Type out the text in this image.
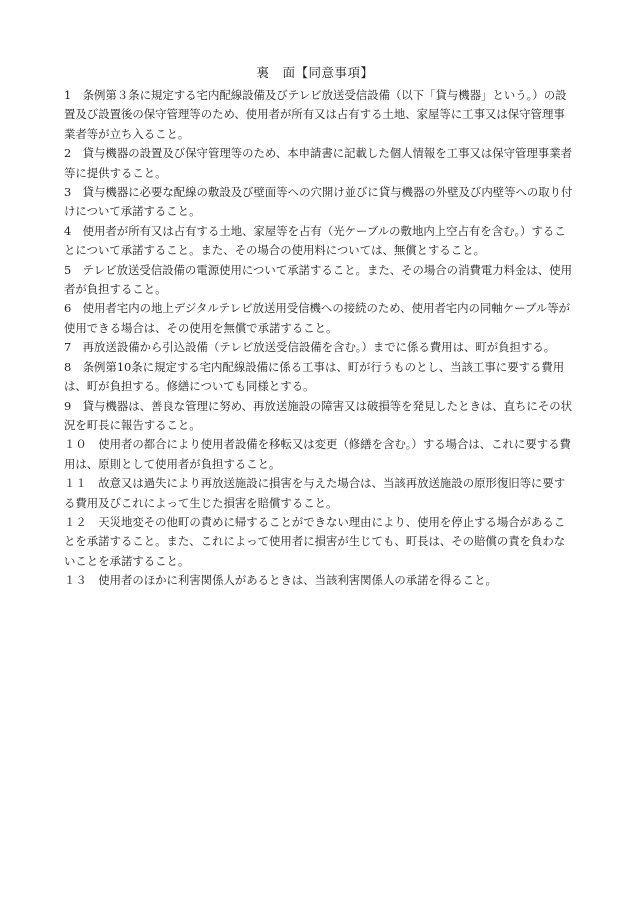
裏　面【同意事項】
1　条例第３条に規定する宅内配線設備及びテレビ放送受信設備（以下「貸与機器」という。）の設置及び設置後の保守管理等のため、使用者が所有又は占有する土地、家屋等に工事又は保守管理事業者等が立ち入ること。
2　貸与機器の設置及び保守管理等のため、本申請書に記載した個人情報を工事又は保守管理事業者等に提供すること。
3　貸与機器に必要な配線の敷設及び壁面等への穴開け並びに貸与機器の外壁及び内壁等への取り付けについて承諾すること。
4　使用者が所有又は占有する土地、家屋等を占有（光ケーブルの敷地内上空占有を含む。）することについて承諾すること。また、その場合の使用料については、無償とすること。
5　テレビ放送受信設備の電源使用について承諾すること。また、その場合の消費電力料金は、使用者が負担すること。
6　使用者宅内の地上デジタルテレビ放送用受信機への接続のため、使用者宅内の同軸ケーブル等が使用できる場合は、その使用を無償で承諾すること。
7　再放送設備から引込設備（テレビ放送受信設備を含む。）までに係る費用は、町が負担する。
8　条例第10条に規定する宅内配線設備に係る工事は、町が行うものとし、当該工事に要する費用は、町が負担する。修繕についても同様とする。
9　貸与機器は、善良な管理に努め、再放送施設の障害又は破損等を発見したときは、直ちにその状況を町長に報告すること。
１０　使用者の都合により使用者設備を移転又は変更（修繕を含む。）する場合は、これに要する費用は、原則として使用者が負担すること。
１１　故意又は過失により再放送施設に損害を与えた場合は、当該再放送施設の原形復旧等に要する費用及びこれによって生じた損害を賠償すること。
１２　天災地変その他町の責めに帰することができない理由により、使用を停止する場合があることを承諾すること。また、これによって使用者に損害が生じても、町長は、その賠償の責を負わないことを承諾すること。
１３　使用者のほかに利害関係人があるときは、当該利害関係人の承諾を得ること。
